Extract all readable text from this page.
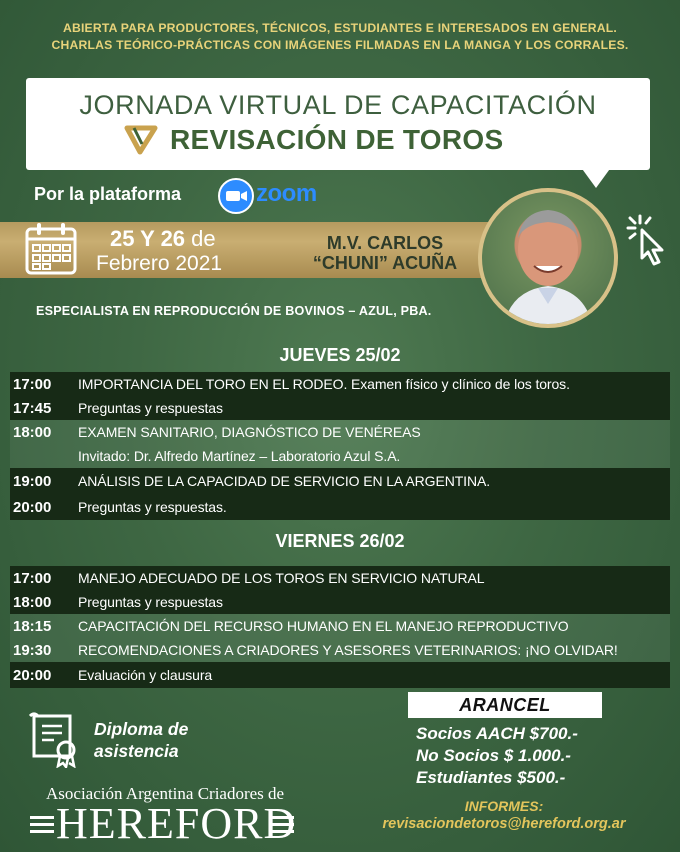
ABIERTA PARA PRODUCTORES, TÉCNICOS, ESTUDIANTES E INTERESADOS EN GENERAL.
CHARLAS TEÓRICO-PRÁCTICAS CON IMÁGENES FILMADAS EN LA MANGA Y LOS CORRALES.
JORNADA VIRTUAL DE CAPACITACIÓN
REVISACIÓN DE TOROS
Por la plataforma	zoom
25 Y 26 de
Febrero 2021
M.V. CARLOS
“CHUNI” ACUÑA
ESPECIALISTA EN REPRODUCCIÓN DE BOVINOS – AZUL, PBA.
JUEVES 25/02
17:00	IMPORTANCIA DEL TORO EN EL RODEO. Examen físico y clínico de los toros.
17:45	Preguntas y respuestas
18:00	EXAMEN SANITARIO, DIAGNÓSTICO DE VENÉREAS
Invitado: Dr. Alfredo Martínez – Laboratorio Azul S.A.
19:00	ANÁLISIS DE LA CAPACIDAD DE SERVICIO EN LA ARGENTINA.
20:00	Preguntas y respuestas.
VIERNES 26/02
17:00	MANEJO ADECUADO DE LOS TOROS EN SERVICIO NATURAL
18:00	Preguntas y respuestas
18:15	CAPACITACIÓN DEL RECURSO HUMANO EN EL MANEJO REPRODUCTIVO
19:30	RECOMENDACIONES A CRIADORES Y ASESORES VETERINARIOS: ¡NO OLVIDAR!
20:00	Evaluación y clausura
Diploma de
asistencia
Asociación Argentina Criadores de
HEREFORD
ARANCEL
Socios AACH $700.-
No Socios $ 1.000.-
Estudiantes $500.-
INFORMES:
revisaciondetoros@hereford.org.ar
